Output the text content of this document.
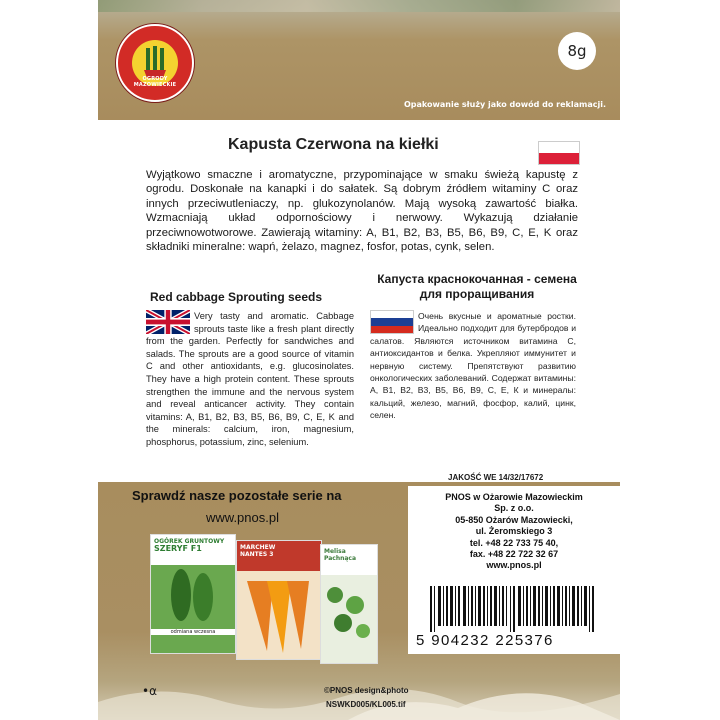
OGRODY MAZOWIECKIE
8g
Opakowanie służy jako dowód do reklamacji.
Kapusta Czerwona na kiełki
Wyjątkowo smaczne i aromatyczne, przypominające w smaku świeżą kapustę z ogrodu. Doskonałe na kanapki i do sałatek. Są dobrym źródłem witaminy C oraz innych przeciwutleniaczy, np. glukozynolanów. Mają wysoką zawartość białka. Wzmacniają układ odpornościowy i nerwowy. Wykazują działanie przeciwnowotworowe. Zawierają witaminy: A, B1, B2, B3, B5, B6, B9, C, E, K oraz składniki mineralne: wapń, żelazo, magnez, fosfor, potas, cynk, selen.
Red cabbage Sprouting seeds
Капуста краснокочанная - семена для проращивания
Very tasty and aromatic. Cabbage sprouts taste like a fresh plant directly from the garden. Perfectly for sandwiches and salads. The sprouts are a good source of vitamin C and other antioxidants, e.g. glucosinolates. They have a high protein content. These sprouts strengthen the immune and the nervous system and reveal anticancer activity. They contain vitamins: A, B1, B2, B3, B5, B6, B9, C, E, K and the minerals: calcium, iron, magnesium, phosphorus, potassium, zinc, selenium.
Очень вкусные и ароматные ростки. Идеально подходит для бутербродов и салатов. Являются источником витамина С, антиоксидантов и белка. Укрепляют иммунитет и нервную систему. Препятствуют развитию онкологических заболеваний. Содержат витамины: А, В1, В2, В3, В5, В6, В9, С, Е, К и минералы: кальций, железо, магний, фосфор, калий, цинк, селен.
JAKOŚĆ WE 14/32/17672
Sprawdź nasze pozostałe serie na
www.pnos.pl
OGÓREK GRUNTOWY
SZERYF F1
odmiana wczesna
MARCHEW
NANTES 3	Melisa
Pachnąca
PNOS w Ożarowie Mazowieckim
Sp. z o.o.
05-850 Ożarów Mazowiecki,
ul. Żeromskiego 3
tel. +48 22 733 75 40,
fax. +48 22 722 32 67
www.pnos.pl
5 904232 225376
•⍺	©PNOS design&photo
NSWKD005/KL005.tif
